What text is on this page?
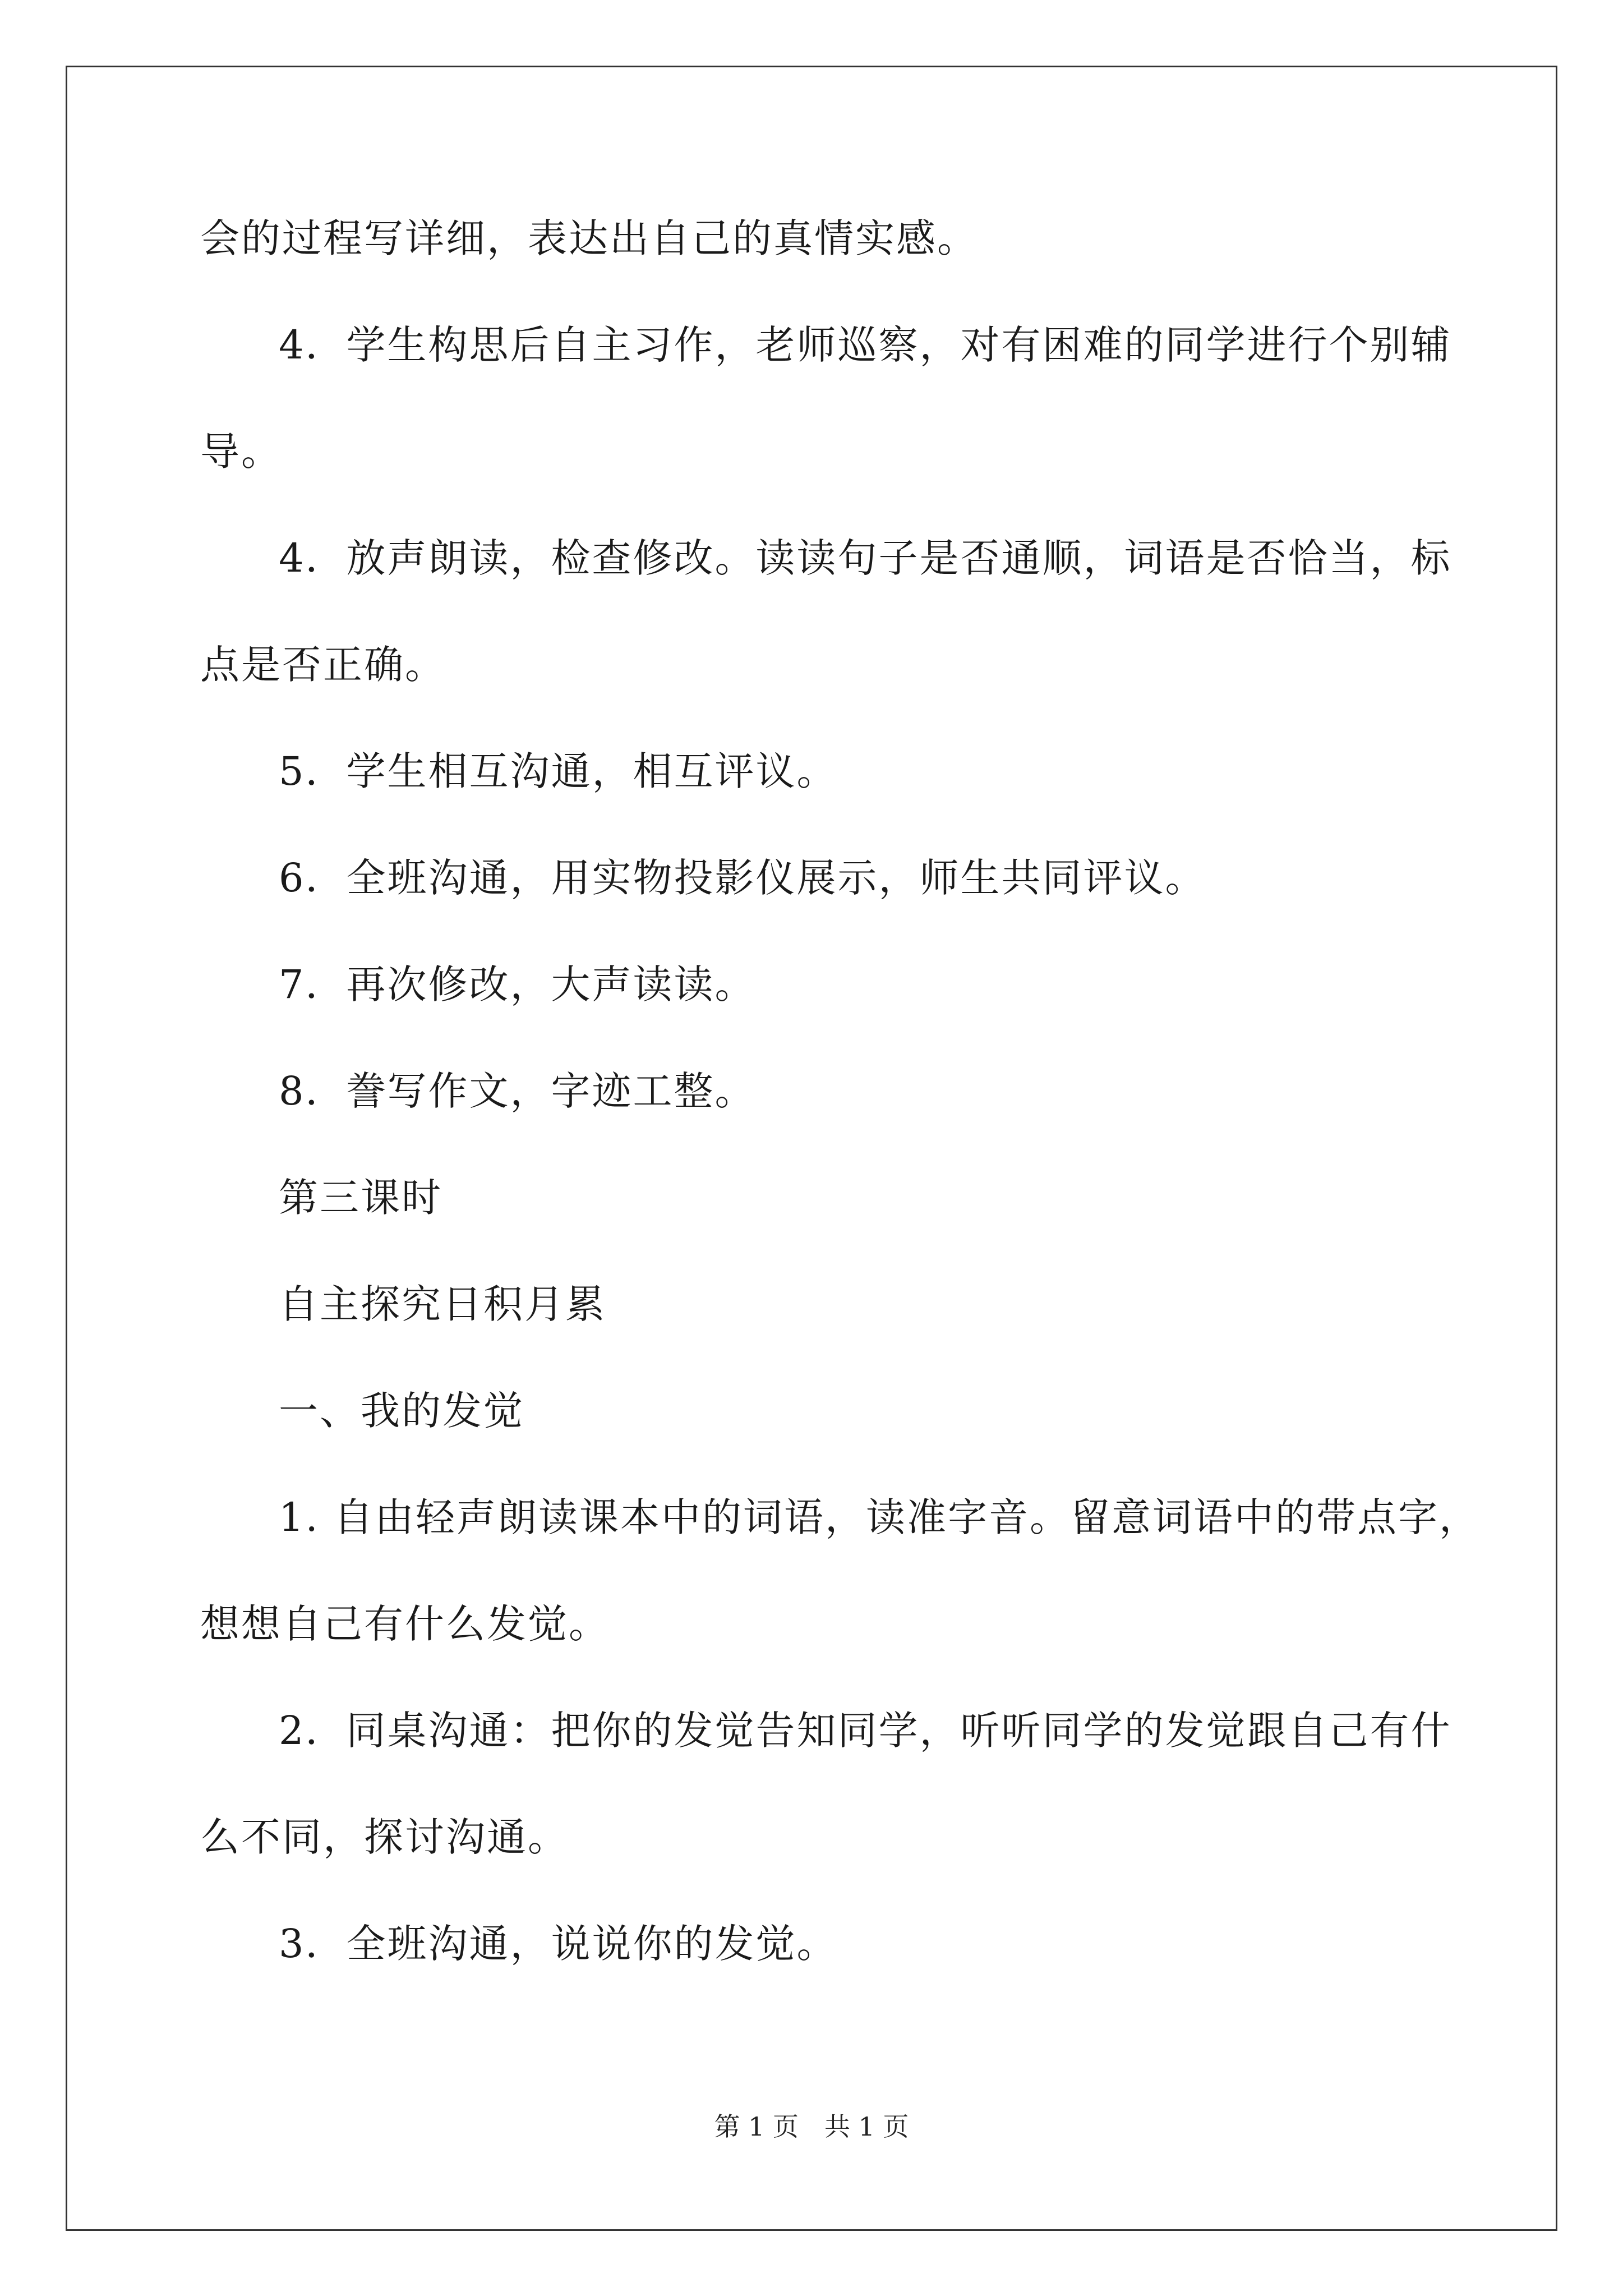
会的过程写详细，表达出自己的真情实感。

4．学生构思后自主习作，老师巡察，对有困难的同学进行个别辅

导。

4．放声朗读，检查修改。读读句子是否通顺，词语是否恰当，标

点是否正确。

5．学生相互沟通，相互评议。

6．全班沟通，用实物投影仪展示，师生共同评议。

7．再次修改，大声读读。

8．誊写作文，字迹工整。

第三课时

自主探究日积月累

一、我的发觉

1. 自由轻声朗读课本中的词语，读准字音。留意词语中的带点字，

想想自己有什么发觉。

2．同桌沟通：把你的发觉告知同学，听听同学的发觉跟自己有什

么不同，探讨沟通。

3．全班沟通，说说你的发觉。

第 1 页 共 1 页
